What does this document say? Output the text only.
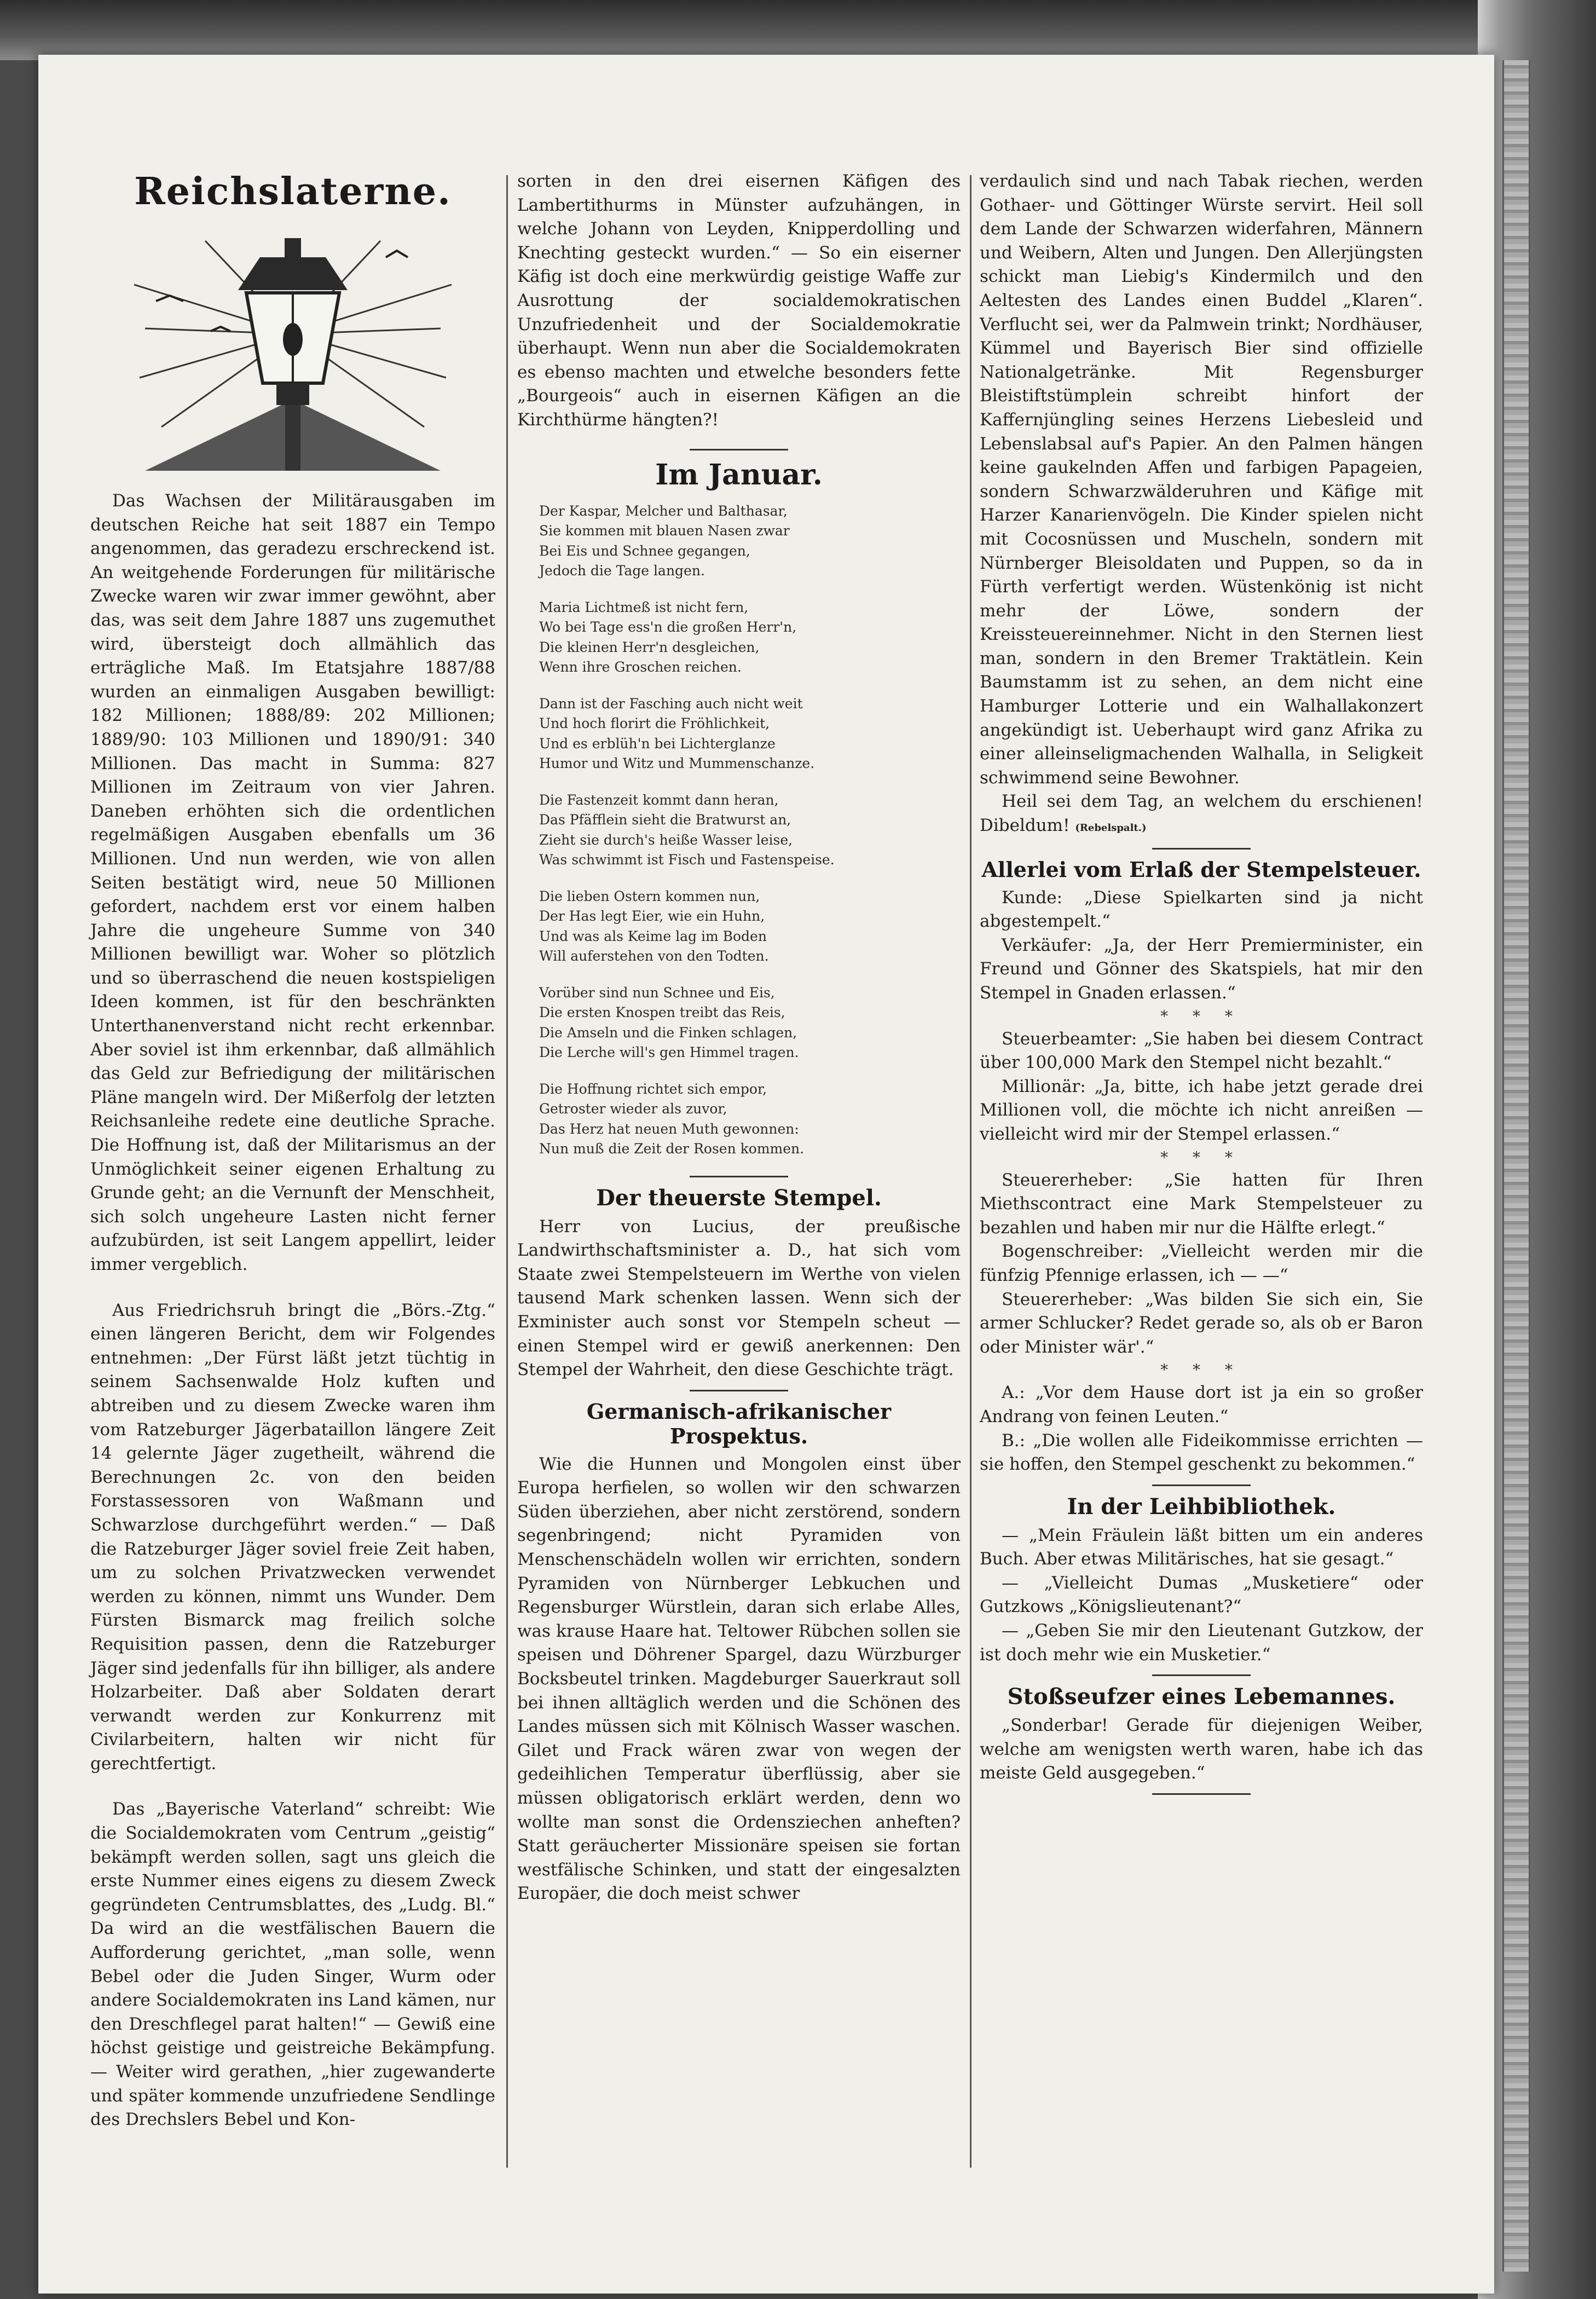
Reichslaterne.

Das Wachsen der Militärausgaben im deutschen Reiche hat seit 1887 ein Tempo angenommen, das geradezu erschreckend ist. An weitgehende Forderungen für militärische Zwecke waren wir zwar immer gewöhnt, aber das, was seit dem Jahre 1887 uns zugemuthet wird, übersteigt doch allmählich das erträgliche Maß. Im Etatsjahre 1887/88 wurden an einmaligen Ausgaben bewilligt: 182 Millionen; 1888/89: 202 Millionen; 1889/90: 103 Millionen und 1890/91: 340 Millionen. Das macht in Summa: 827 Millionen im Zeitraum von vier Jahren. Daneben erhöhten sich die ordentlichen regelmäßigen Ausgaben ebenfalls um 36 Millionen. Und nun werden, wie von allen Seiten bestätigt wird, neue 50 Millionen gefordert, nachdem erst vor einem halben Jahre die ungeheure Summe von 340 Millionen bewilligt war. Woher so plötzlich und so überraschend die neuen kostspieligen Ideen kommen, ist für den beschränkten Unterthanenverstand nicht recht erkennbar. Aber soviel ist ihm erkennbar, daß allmählich das Geld zur Befriedigung der militärischen Pläne mangeln wird. Der Mißerfolg der letzten Reichsanleihe redete eine deutliche Sprache. Die Hoffnung ist, daß der Militarismus an der Unmöglichkeit seiner eigenen Erhaltung zu Grunde geht; an die Vernunft der Menschheit, sich solch ungeheure Lasten nicht ferner aufzubürden, ist seit Langem appellirt, leider immer vergeblich.

Aus Friedrichsruh bringt die „Börs.-Ztg.“ einen längeren Bericht, dem wir Folgendes entnehmen: „Der Fürst läßt jetzt tüchtig in seinem Sachsenwalde Holz kuften und abtreiben und zu diesem Zwecke waren ihm vom Ratzeburger Jägerbataillon längere Zeit 14 gelernte Jäger zugetheilt, während die Berechnungen 2c. von den beiden Forstassessoren von Waßmann und Schwarzlose durchgeführt werden.“ — Daß die Ratzeburger Jäger soviel freie Zeit haben, um zu solchen Privatzwecken verwendet werden zu können, nimmt uns Wunder. Dem Fürsten Bismarck mag freilich solche Requisition passen, denn die Ratzeburger Jäger sind jedenfalls für ihn billiger, als andere Holzarbeiter. Daß aber Soldaten derart verwandt werden zur Konkurrenz mit Civilarbeitern, halten wir nicht für gerechtfertigt.

Das „Bayerische Vaterland“ schreibt: Wie die Socialdemokraten vom Centrum „geistig“ bekämpft werden sollen, sagt uns gleich die erste Nummer eines eigens zu diesem Zweck gegründeten Centrumsblattes, des „Ludg. Bl.“ Da wird an die westfälischen Bauern die Aufforderung gerichtet, „man solle, wenn Bebel oder die Juden Singer, Wurm oder andere Socialdemokraten ins Land kämen, nur den Dreschflegel parat halten!“ — Gewiß eine höchst geistige und geistreiche Bekämpfung. — Weiter wird gerathen, „hier zugewanderte und später kommende unzufriedene Sendlinge des Drechslers Bebel und Kon-

sorten in den drei eisernen Käfigen des Lambertithurms in Münster aufzuhängen, in welche Johann von Leyden, Knipperdolling und Knechting gesteckt wurden.“ — So ein eiserner Käfig ist doch eine merkwürdig geistige Waffe zur Ausrottung der socialdemokratischen Unzufriedenheit und der Socialdemokratie überhaupt. Wenn nun aber die Socialdemokraten es ebenso machten und etwelche besonders fette „Bourgeois“ auch in eisernen Käfigen an die Kirchthürme hängten?!

Im Januar.
Der Kaspar, Melcher und Balthasar,
Sie kommen mit blauen Nasen zwar
Bei Eis und Schnee gegangen,
Jedoch die Tage langen.
Maria Lichtmeß ist nicht fern,
Wo bei Tage ess'n die großen Herr'n,
Die kleinen Herr'n desgleichen,
Wenn ihre Groschen reichen.
Dann ist der Fasching auch nicht weit
Und hoch florirt die Fröhlichkeit,
Und es erblüh'n bei Lichterglanze
Humor und Witz und Mummenschanze.
Die Fastenzeit kommt dann heran,
Das Pfäfflein sieht die Bratwurst an,
Zieht sie durch's heiße Wasser leise,
Was schwimmt ist Fisch und Fastenspeise.
Die lieben Ostern kommen nun,
Der Has legt Eier, wie ein Huhn,
Und was als Keime lag im Boden
Will auferstehen von den Todten.
Vorüber sind nun Schnee und Eis,
Die ersten Knospen treibt das Reis,
Die Amseln und die Finken schlagen,
Die Lerche will's gen Himmel tragen.
Die Hoffnung richtet sich empor,
Getroster wieder als zuvor,
Das Herz hat neuen Muth gewonnen:
Nun muß die Zeit der Rosen kommen.
Der theuerste Stempel.

Herr von Lucius, der preußische Landwirthschaftsminister a. D., hat sich vom Staate zwei Stempelsteuern im Werthe von vielen tausend Mark schenken lassen. Wenn sich der Exminister auch sonst vor Stempeln scheut — einen Stempel wird er gewiß anerkennen: Den Stempel der Wahrheit, den diese Geschichte trägt.

Germanisch-afrikanischer Prospektus.

Wie die Hunnen und Mongolen einst über Europa herfielen, so wollen wir den schwarzen Süden überziehen, aber nicht zerstörend, sondern segenbringend; nicht Pyramiden von Menschenschädeln wollen wir errichten, sondern Pyramiden von Nürnberger Lebkuchen und Regensburger Würstlein, daran sich erlabe Alles, was krause Haare hat. Teltower Rübchen sollen sie speisen und Döhrener Spargel, dazu Würzburger Bocksbeutel trinken. Magdeburger Sauerkraut soll bei ihnen alltäglich werden und die Schönen des Landes müssen sich mit Kölnisch Wasser waschen. Gilet und Frack wären zwar von wegen der gedeihlichen Temperatur überflüssig, aber sie müssen obligatorisch erklärt werden, denn wo wollte man sonst die Ordensziechen anheften? Statt geräucherter Missionäre speisen sie fortan westfälische Schinken, und statt der eingesalzten Europäer, die doch meist schwer

verdaulich sind und nach Tabak riechen, werden Gothaer- und Göttinger Würste servirt. Heil soll dem Lande der Schwarzen widerfahren, Männern und Weibern, Alten und Jungen. Den Allerjüngsten schickt man Liebig's Kindermilch und den Aeltesten des Landes einen Buddel „Klaren“. Verflucht sei, wer da Palmwein trinkt; Nordhäuser, Kümmel und Bayerisch Bier sind offizielle Nationalgetränke. Mit Regensburger Bleistiftstümplein schreibt hinfort der Kaffernjüngling seines Herzens Liebesleid und Lebenslabsal auf's Papier. An den Palmen hängen keine gaukelnden Affen und farbigen Papageien, sondern Schwarzwälderuhren und Käfige mit Harzer Kanarienvögeln. Die Kinder spielen nicht mit Cocosnüssen und Muscheln, sondern mit Nürnberger Bleisoldaten und Puppen, so da in Fürth verfertigt werden. Wüstenkönig ist nicht mehr der Löwe, sondern der Kreissteuereinnehmer. Nicht in den Sternen liest man, sondern in den Bremer Traktätlein. Kein Baumstamm ist zu sehen, an dem nicht eine Hamburger Lotterie und ein Walhallakonzert angekündigt ist. Ueberhaupt wird ganz Afrika zu einer alleinseligmachenden Walhalla, in Seligkeit schwimmend seine Bewohner.

Heil sei dem Tag, an welchem du erschienen! Dibeldum! (Rebelspalt.)

Allerlei vom Erlaß der Stempelsteuer.

Kunde: „Diese Spielkarten sind ja nicht abgestempelt.“

Verkäufer: „Ja, der Herr Premierminister, ein Freund und Gönner des Skatspiels, hat mir den Stempel in Gnaden erlassen.“

* * *

Steuerbeamter: „Sie haben bei diesem Contract über 100,000 Mark den Stempel nicht bezahlt.“

Millionär: „Ja, bitte, ich habe jetzt gerade drei Millionen voll, die möchte ich nicht anreißen — vielleicht wird mir der Stempel erlassen.“

* * *

Steuererheber: „Sie hatten für Ihren Miethscontract eine Mark Stempelsteuer zu bezahlen und haben mir nur die Hälfte erlegt.“

Bogenschreiber: „Vielleicht werden mir die fünfzig Pfennige erlassen, ich — —“

Steuererheber: „Was bilden Sie sich ein, Sie armer Schlucker? Redet gerade so, als ob er Baron oder Minister wär'.“

* * *

A.: „Vor dem Hause dort ist ja ein so großer Andrang von feinen Leuten.“

B.: „Die wollen alle Fideikommisse errichten — sie hoffen, den Stempel geschenkt zu bekommen.“

In der Leihbibliothek.

— „Mein Fräulein läßt bitten um ein anderes Buch. Aber etwas Militärisches, hat sie gesagt.“

— „Vielleicht Dumas „Musketiere“ oder Gutzkows „Königslieutenant?“

— „Geben Sie mir den Lieutenant Gutzkow, der ist doch mehr wie ein Musketier.“

Stoßseufzer eines Lebemannes.

„Sonderbar! Gerade für diejenigen Weiber, welche am wenigsten werth waren, habe ich das meiste Geld ausgegeben.“
